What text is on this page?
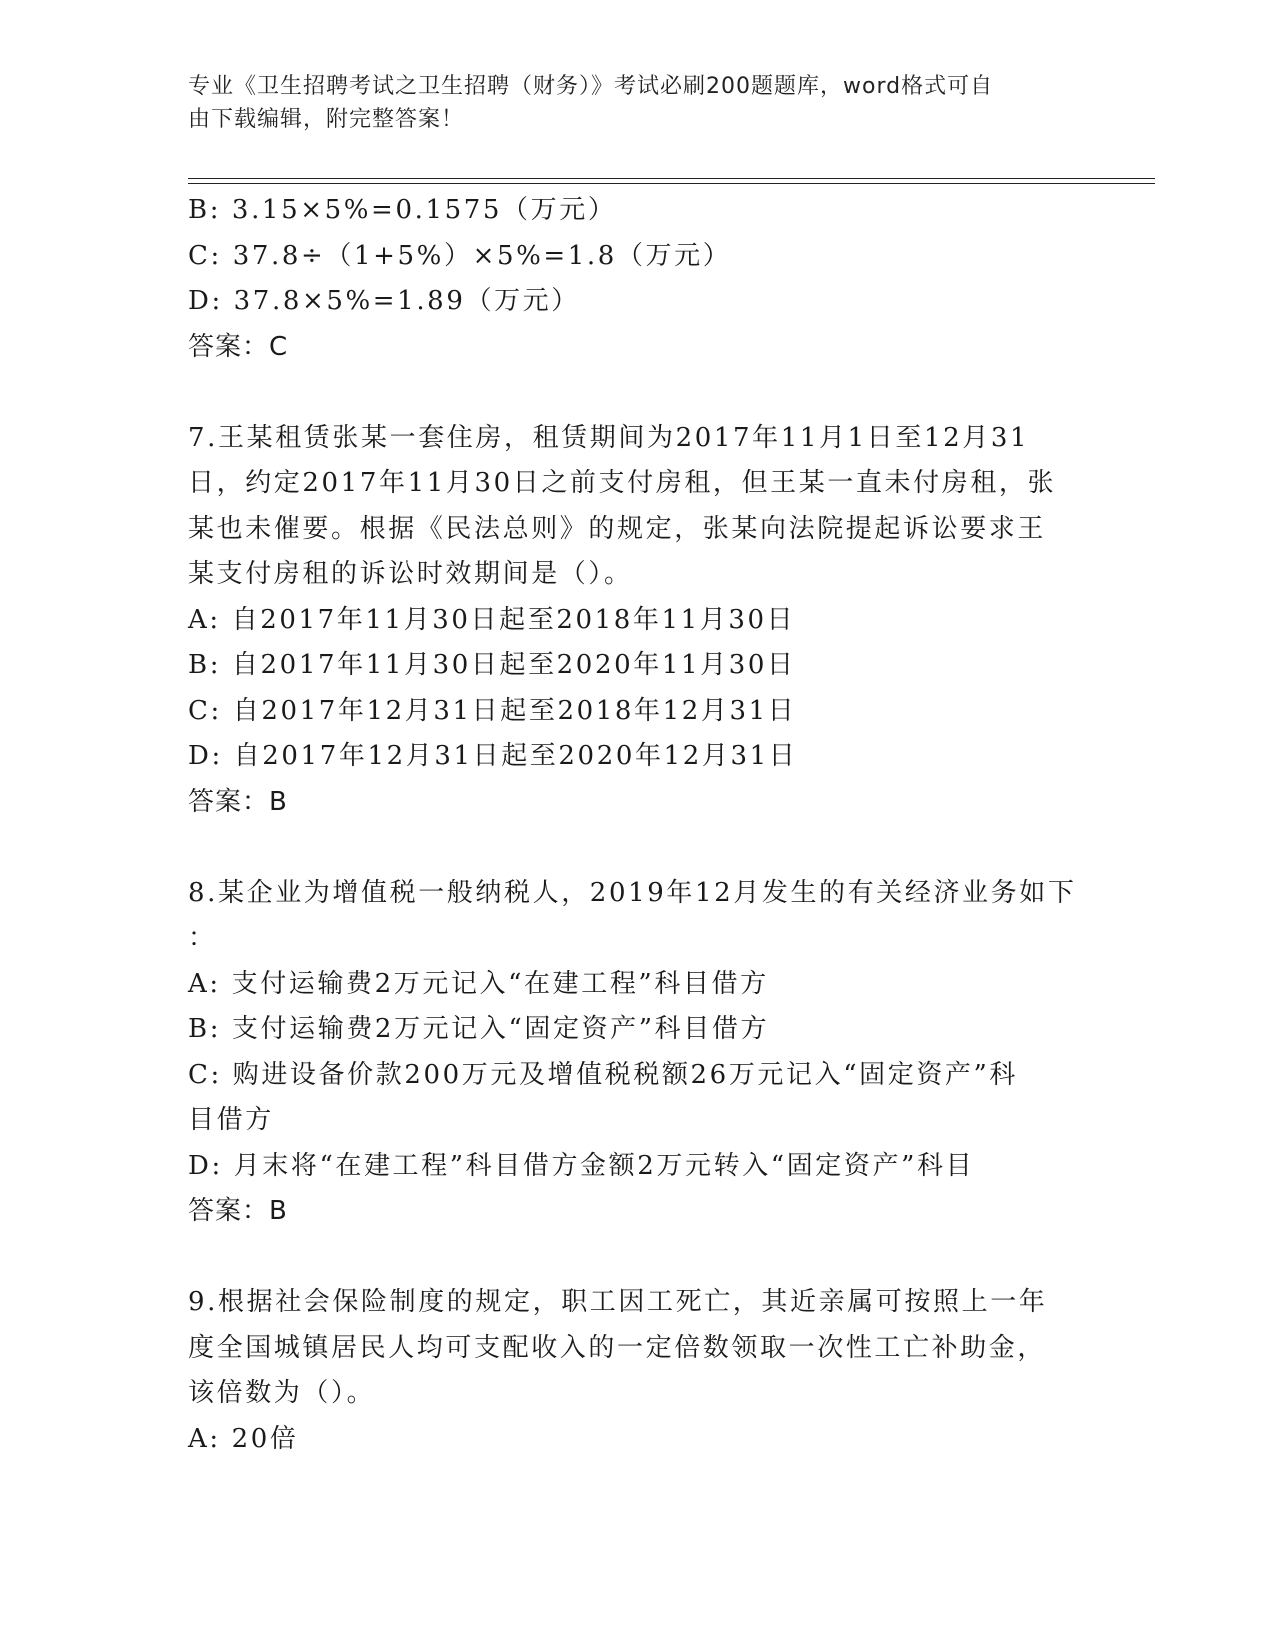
专业《卫生招聘考试之卫生招聘（财务）》考试必刷200题题库，word格式可自
由下载编辑，附完整答案！
B: 3.15×5%=0.1575（万元）
C: 37.8÷（1+5%）×5%=1.8（万元）
D: 37.8×5%=1.89（万元）
答案：C
7.王某租赁张某一套住房，租赁期间为2017年11月1日至12月31
日，约定2017年11月30日之前支付房租，但王某一直未付房租，张
某也未催要。根据《民法总则》的规定，张某向法院提起诉讼要求王
某支付房租的诉讼时效期间是（）。
A: 自2017年11月30日起至2018年11月30日
B: 自2017年11月30日起至2020年11月30日
C: 自2017年12月31日起至2018年12月31日
D: 自2017年12月31日起至2020年12月31日
答案：B
8.某企业为增值税一般纳税人，2019年12月发生的有关经济业务如下
：
A: 支付运输费2万元记入“在建工程”科目借方
B: 支付运输费2万元记入“固定资产”科目借方
C: 购进设备价款200万元及增值税税额26万元记入“固定资产”科
目借方
D: 月末将“在建工程”科目借方金额2万元转入“固定资产”科目
答案：B
9.根据社会保险制度的规定，职工因工死亡，其近亲属可按照上一年
度全国城镇居民人均可支配收入的一定倍数领取一次性工亡补助金，
该倍数为（）。
A: 20倍
